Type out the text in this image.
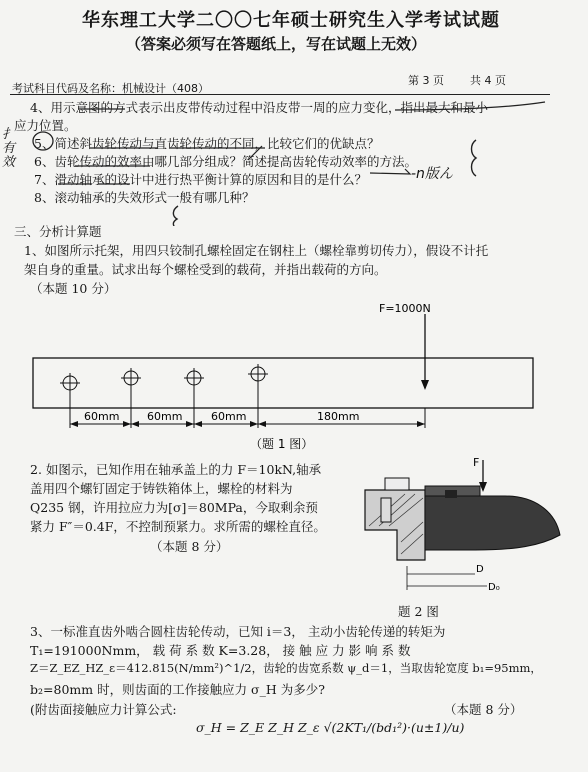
华东理工大学二〇〇七年硕士研究生入学考试试题
（答案必须写在答题纸上，写在试题上无效）
考试科目代码及名称：机械设计（408）
第 3 页 共 4 页
4、用示意图的方式表示出皮带传动过程中沿皮带一周的应力变化，指出最大和最小
应力位置。
5、简述斜齿轮传动与直齿轮传动的不同，比较它们的优缺点？
6、齿轮传动的效率由哪几部分组成？简述提高齿轮传动效率的方法。
7、滑动轴承的设计中进行热平衡计算的原因和目的是什么？
8、滚动轴承的失效形式一般有哪几种？
扌
有
效
-n版ん
三、分析计算题
1、如图所示托架，用四只铰制孔螺栓固定在钢柱上（螺栓靠剪切传力），假设不计托
架自身的重量。试求出每个螺栓受到的载荷，并指出载荷的方向。
（本题 10 分）
F=1000N
60mm	60mm	60mm	180mm
（题 1 图）
2. 如图示，已知作用在轴承盖上的力 F＝10kN,轴承
盖用四个螺钉固定于铸铁箱体上，螺栓的材料为
Q235 钢，许用拉应力为[σ]＝80MPa，今取剩余预
紧力 F″＝0.4F，不控制预紧力。求所需的螺栓直径。
（本题 8 分）
F
D
D₀
题 2 图
3、一标准直齿外啮合圆柱齿轮传动，已知 i＝3， 主动小齿轮传递的转矩为
T₁=191000Nmm， 载 荷 系 数 K=3.28， 接 触 应 力 影 响 系 数
Z＝Z_EZ_HZ_ε＝412.815(N/mm²)^1/2，齿轮的齿宽系数 ψ_d＝1，当取齿轮宽度 b₁=95mm，
b₂=80mm 时，则齿面的工作接触应力 σ_H 为多少?
(附齿面接触应力计算公式:
σ_H = Z_E Z_H Z_ε √(2KT₁/(bd₁²)·(u±1)/u)
（本题 8 分）
